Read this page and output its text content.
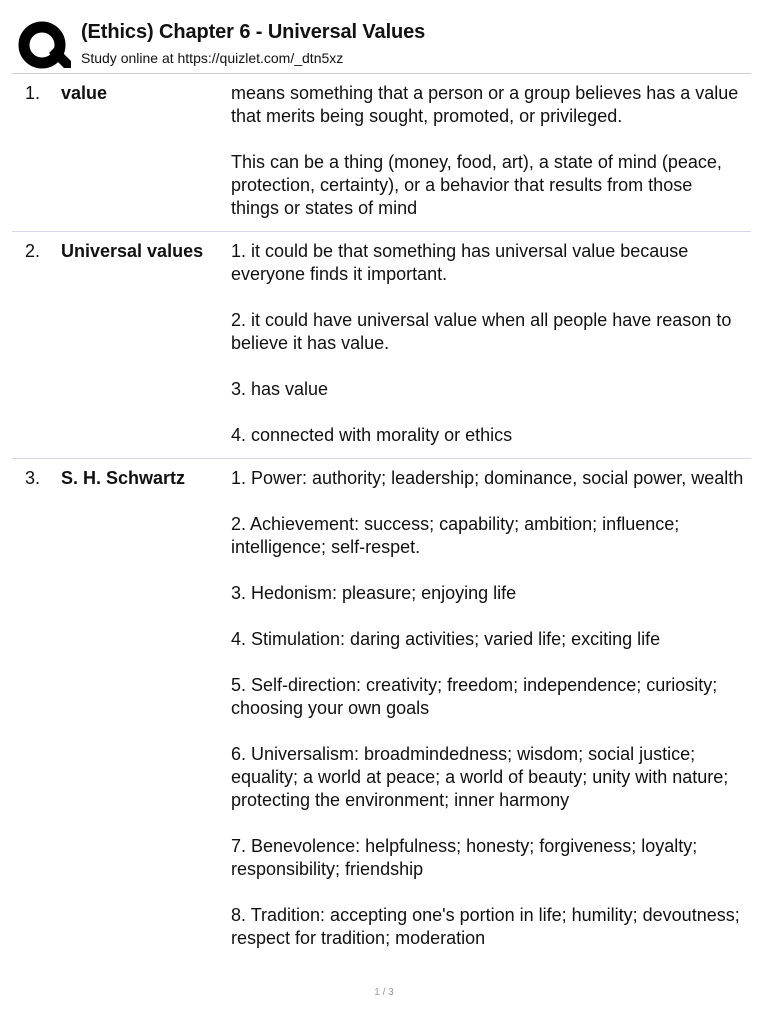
(Ethics) Chapter 6 - Universal Values
Study online at https://quizlet.com/_dtn5xz
1.	value	means something that a person or a group believes has a value that merits being sought, promoted, or privileged.

This can be a thing (money, food, art), a state of mind (peace, protection, certainty), or a behavior that results from those things or states of mind

2.	Universal values	1. it could be that something has universal value because everyone finds it important.

2. it could have universal value when all people have reason to believe it has value.

3. has value

4. connected with morality or ethics

3.	S. H. Schwartz	1. Power: authority; leadership; dominance, social power, wealth

2. Achievement: success; capability; ambition; influence; intelligence; self-respet.

3. Hedonism: pleasure; enjoying life

4. Stimulation: daring activities; varied life; exciting life

5. Self-direction: creativity; freedom; independence; curiosity; choosing your own goals

6. Universalism: broadmindedness; wisdom; social justice; equality; a world at peace; a world of beauty; unity with nature; protecting the environment; inner harmony

7. Benevolence: helpfulness; honesty; forgiveness; loyalty; responsibility; friendship

8. Tradition: accepting one's portion in life; humility; devoutness; respect for tradition; moderation

1 / 3
